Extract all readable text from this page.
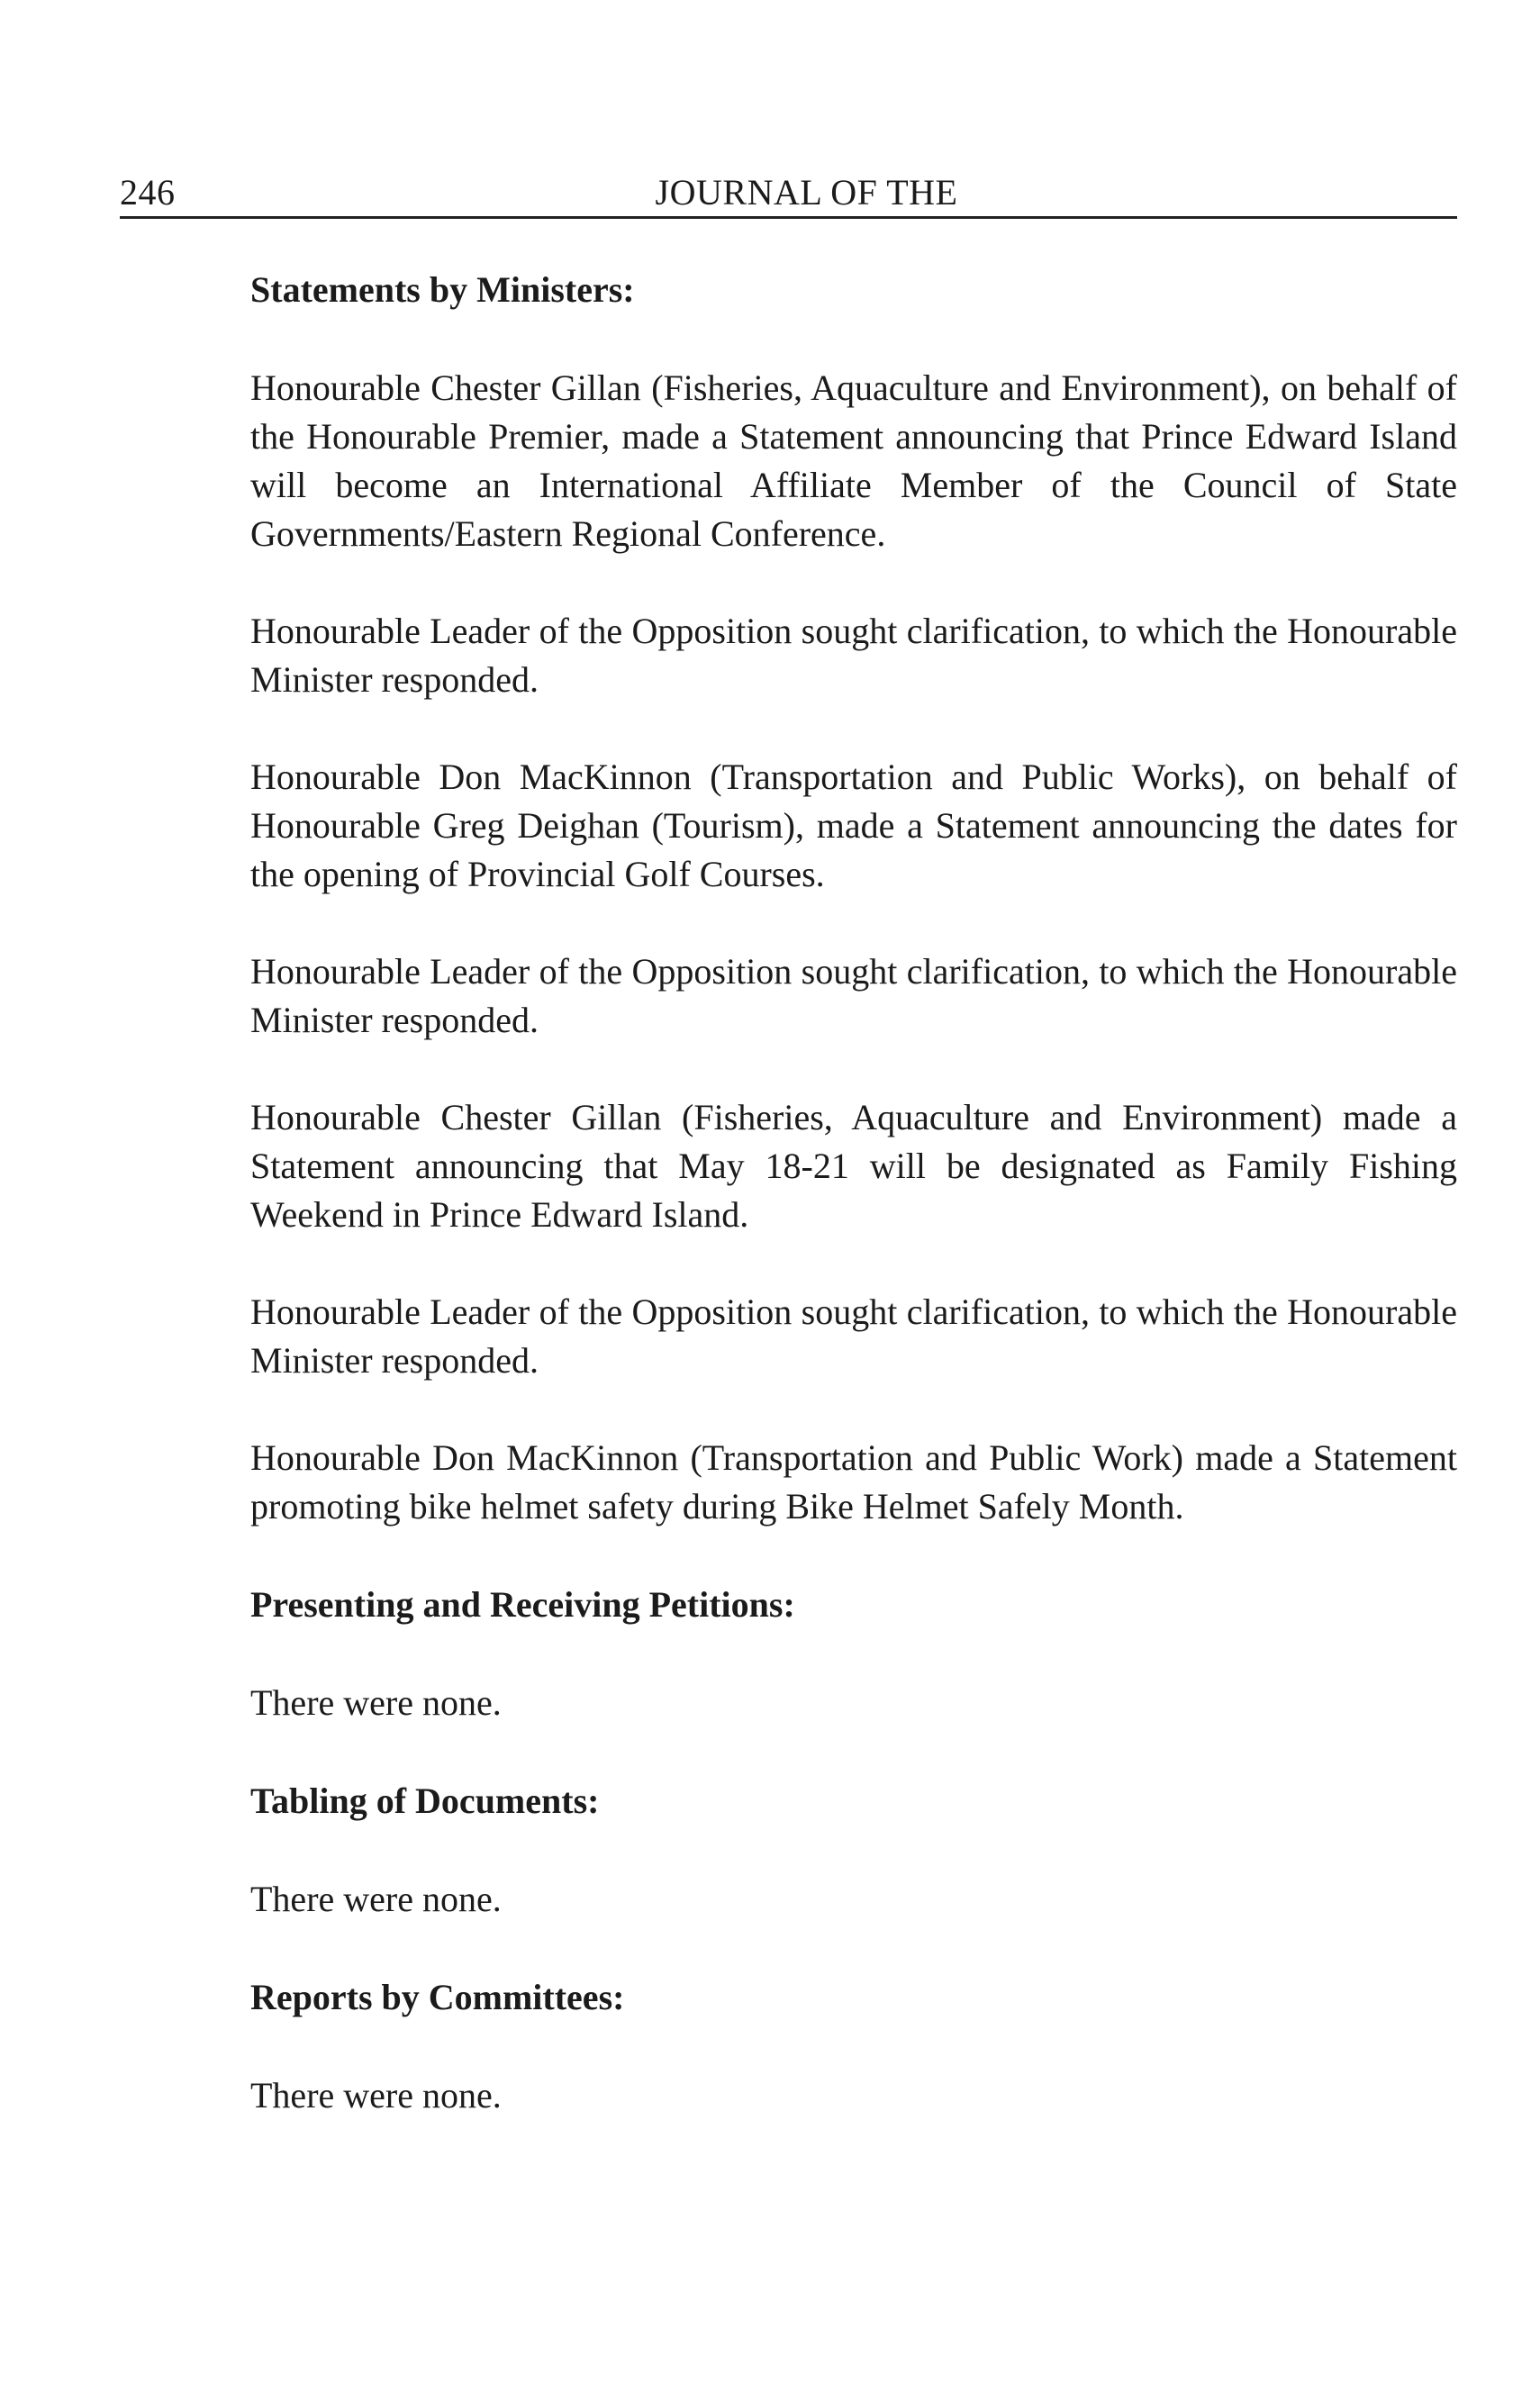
246	JOURNAL OF THE

Statements by Ministers:

Honourable Chester Gillan (Fisheries, Aquaculture and Environment), on behalf of the Honourable Premier, made a Statement announcing that Prince Edward Island will become an International Affiliate Member of the Council of State Governments/Eastern Regional Conference.

Honourable Leader of the Opposition sought clarification, to which the Honourable Minister responded.

Honourable Don MacKinnon (Transportation and Public Works), on behalf of Honourable Greg Deighan (Tourism), made a Statement announcing the dates for the opening of Provincial Golf Courses.

Honourable Leader of the Opposition sought clarification, to which the Honourable Minister responded.

Honourable Chester Gillan (Fisheries, Aquaculture and Environment) made a Statement announcing that May 18-21 will be designated as Family Fishing Weekend in Prince Edward Island.

Honourable Leader of the Opposition sought clarification, to which the Honourable Minister responded.

Honourable Don MacKinnon (Transportation and Public Work) made a Statement promoting bike helmet safety during Bike Helmet Safely Month.

Presenting and Receiving Petitions:

There were none.

Tabling of Documents:

There were none.

Reports by Committees:

There were none.
